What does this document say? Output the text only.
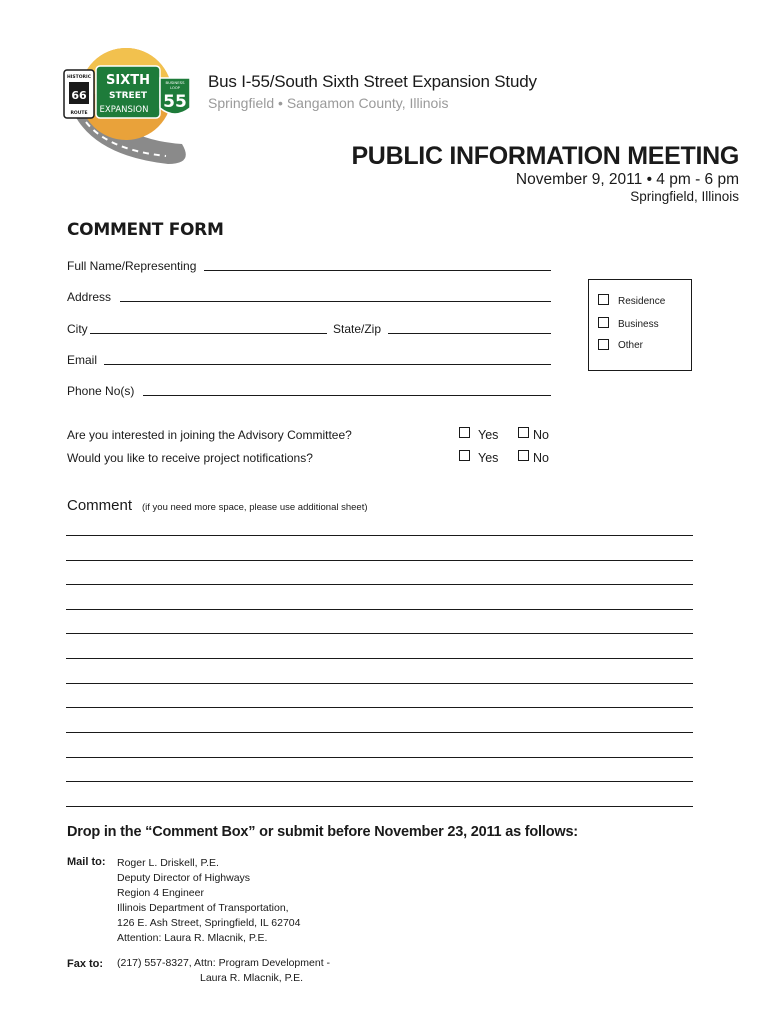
SIXTH
STREET
EXPANSION
HISTORIC
66
ROUTE
BUSINESS
LOOP
55
Bus I-55/South Sixth Street Expansion Study
Springfield • Sangamon County, Illinois
PUBLIC INFORMATION MEETING
November 9, 2011 • 4 pm - 6 pm
Springfield, Illinois
COMMENT FORM
Full Name/Representing
Address
City	State/Zip
Email
Phone No(s)
Residence
Business
Other
Are you interested in joining the Advisory Committee?	Yes	No
Would you like to receive project notifications?	Yes	No
Comment (if you need more space, please use additional sheet)
Drop in the “Comment Box” or submit before November 23, 2011 as follows:
Mail to: Roger L. Driskell, P.E.
Deputy Director of Highways
Region 4 Engineer
Illinois Department of Transportation,
126 E. Ash Street, Springfield, IL 62704
Attention: Laura R. Mlacnik, P.E.
Fax to: (217) 557-8327, Attn: Program Development -
Laura R. Mlacnik, P.E.
